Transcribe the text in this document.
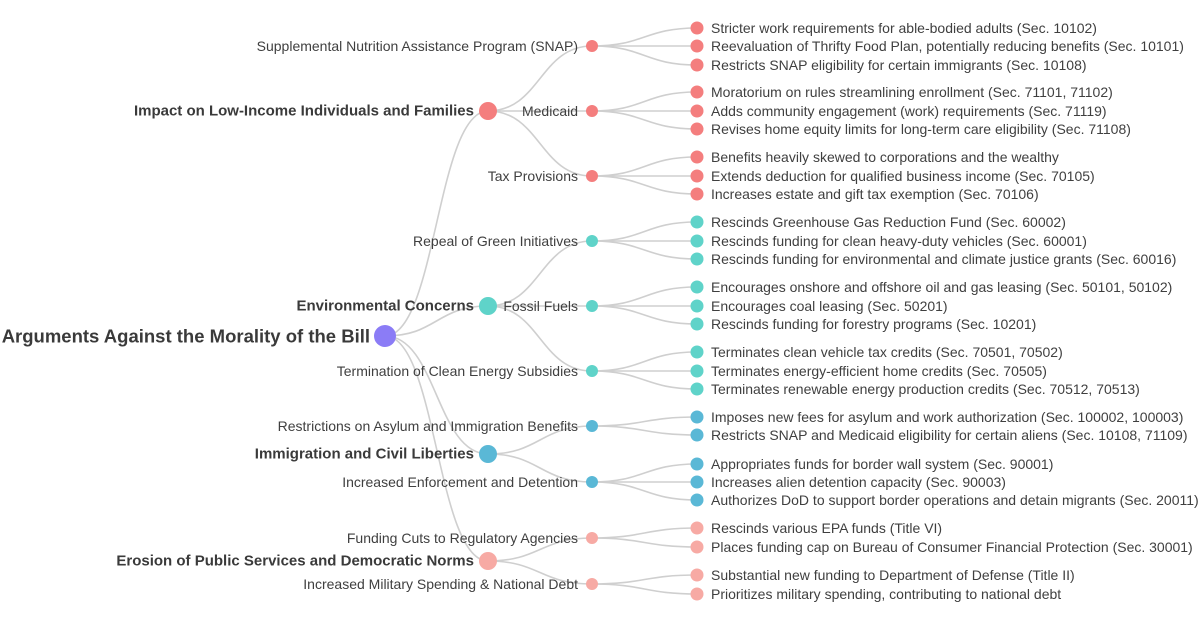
Arguments Against the Morality of the Bill
Impact on Low-Income Individuals and Families
Supplemental Nutrition Assistance Program (SNAP)
Stricter work requirements for able-bodied adults (Sec. 10102)
Reevaluation of Thrifty Food Plan, potentially reducing benefits (Sec. 10101)
Restricts SNAP eligibility for certain immigrants (Sec. 10108)
Medicaid
Moratorium on rules streamlining enrollment (Sec. 71101, 71102)
Adds community engagement (work) requirements (Sec. 71119)
Revises home equity limits for long-term care eligibility (Sec. 71108)
Tax Provisions
Benefits heavily skewed to corporations and the wealthy
Extends deduction for qualified business income (Sec. 70105)
Increases estate and gift tax exemption (Sec. 70106)
Environmental Concerns
Repeal of Green Initiatives
Rescinds Greenhouse Gas Reduction Fund (Sec. 60002)
Rescinds funding for clean heavy-duty vehicles (Sec. 60001)
Rescinds funding for environmental and climate justice grants (Sec. 60016)
Fossil Fuels
Encourages onshore and offshore oil and gas leasing (Sec. 50101, 50102)
Encourages coal leasing (Sec. 50201)
Rescinds funding for forestry programs (Sec. 10201)
Termination of Clean Energy Subsidies
Terminates clean vehicle tax credits (Sec. 70501, 70502)
Terminates energy-efficient home credits (Sec. 70505)
Terminates renewable energy production credits (Sec. 70512, 70513)
Immigration and Civil Liberties
Restrictions on Asylum and Immigration Benefits
Imposes new fees for asylum and work authorization (Sec. 100002, 100003)
Restricts SNAP and Medicaid eligibility for certain aliens (Sec. 10108, 71109)
Increased Enforcement and Detention
Appropriates funds for border wall system (Sec. 90001)
Increases alien detention capacity (Sec. 90003)
Authorizes DoD to support border operations and detain migrants (Sec. 20011)
Erosion of Public Services and Democratic Norms
Funding Cuts to Regulatory Agencies
Rescinds various EPA funds (Title VI)
Places funding cap on Bureau of Consumer Financial Protection (Sec. 30001)
Increased Military Spending & National Debt
Substantial new funding to Department of Defense (Title II)
Prioritizes military spending, contributing to national debt
